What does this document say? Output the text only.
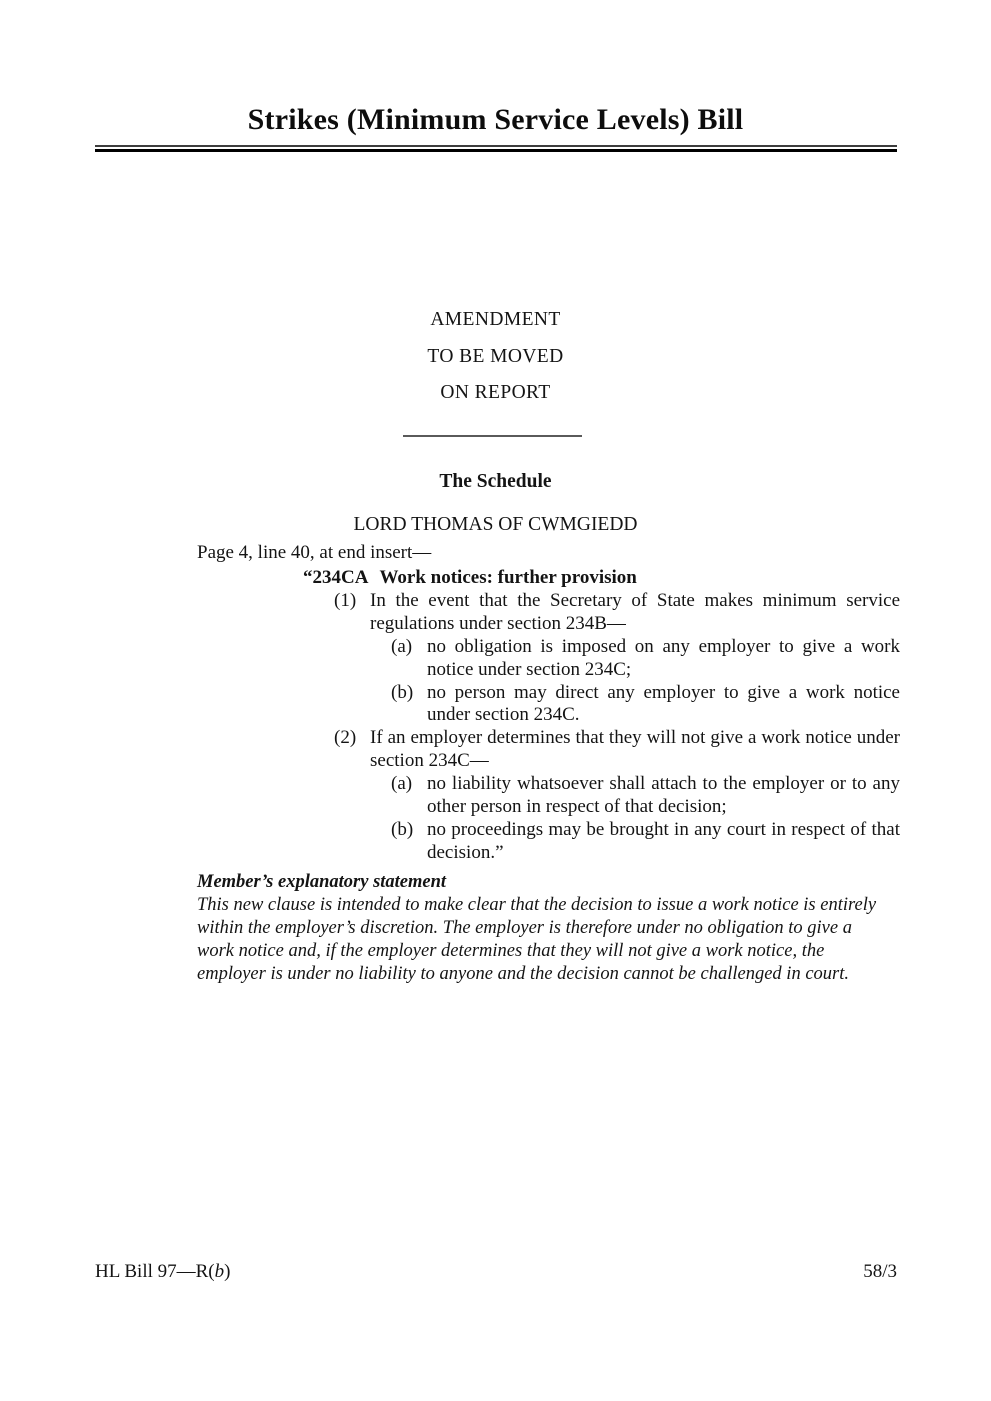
Strikes (Minimum Service Levels) Bill
AMENDMENT
TO BE MOVED
ON REPORT
The Schedule
LORD THOMAS OF CWMGIEDD
Page 4, line 40, at end insert—
“234CA Work notices: further provision
(1) In the event that the Secretary of State makes minimum service regulations under section 234B—
(a) no obligation is imposed on any employer to give a work notice under section 234C;
(b) no person may direct any employer to give a work notice under section 234C.
(2) If an employer determines that they will not give a work notice under section 234C—
(a) no liability whatsoever shall attach to the employer or to any other person in respect of that decision;
(b) no proceedings may be brought in any court in respect of that decision.”
Member’s explanatory statement
This new clause is intended to make clear that the decision to issue a work notice is entirely within the employer’s discretion. The employer is therefore under no obligation to give a work notice and, if the employer determines that they will not give a work notice, the employer is under no liability to anyone and the decision cannot be challenged in court.
HL Bill 97—R(b)	58/3
